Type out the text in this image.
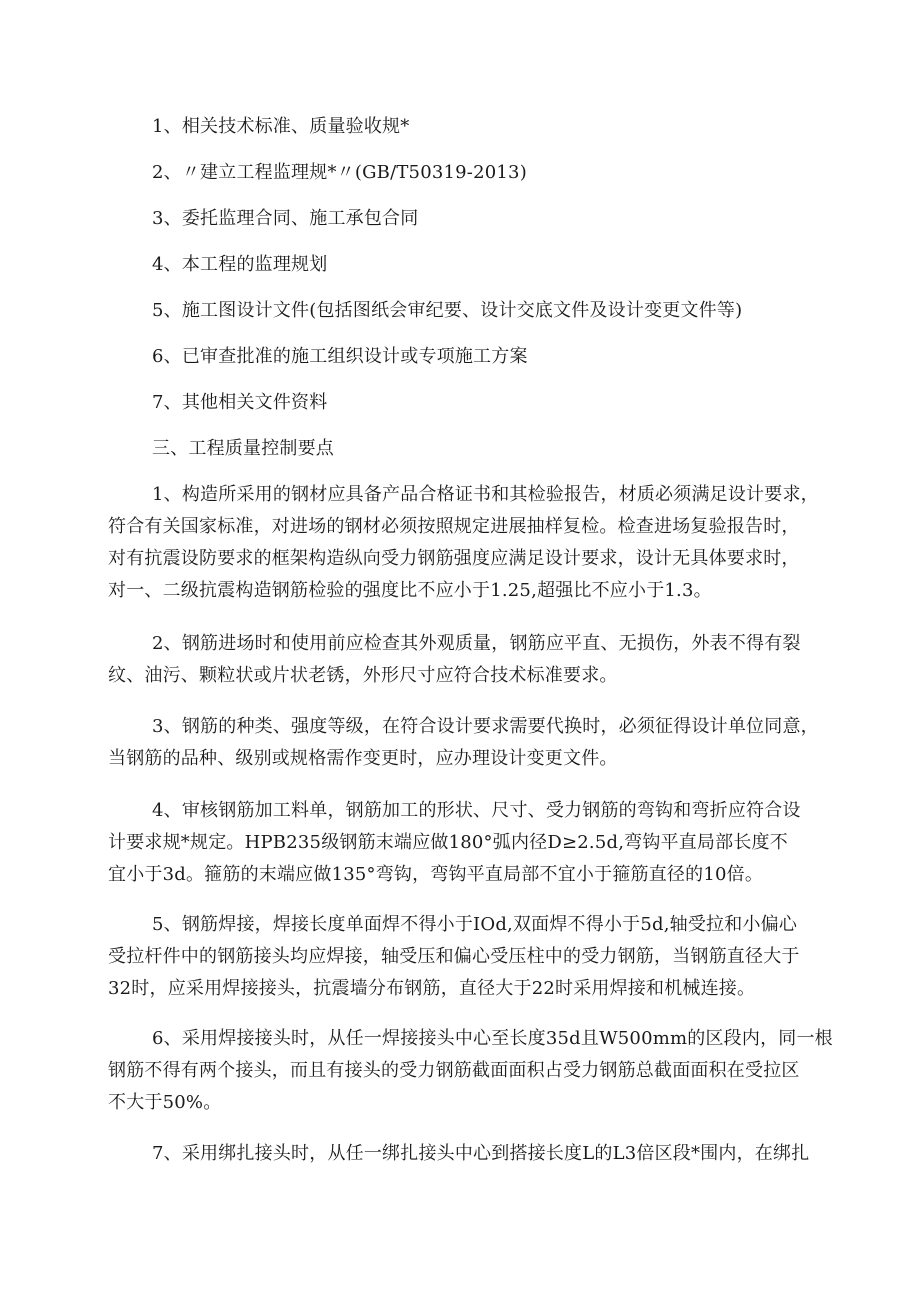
1、相关技术标准、质量验收规*
2、〃建立工程监理规*〃(GB/T50319-2013)
3、委托监理合同、施工承包合同
4、本工程的监理规划
5、施工图设计文件(包括图纸会审纪要、设计交底文件及设计变更文件等)
6、已审查批准的施工组织设计或专项施工方案
7、其他相关文件资料
三、工程质量控制要点
1、构造所采用的钢材应具备产品合格证书和其检验报告，材质必须满足设计要求，
符合有关国家标准，对进场的钢材必须按照规定进展抽样复检。检查进场复验报告时，
对有抗震设防要求的框架构造纵向受力钢筋强度应满足设计要求，设计无具体要求时，
对一、二级抗震构造钢筋检验的强度比不应小于1.25,超强比不应小于1.3。
2、钢筋进场时和使用前应检查其外观质量，钢筋应平直、无损伤，外表不得有裂
纹、油污、颗粒状或片状老锈，外形尺寸应符合技术标准要求。
3、钢筋的种类、强度等级，在符合设计要求需要代换时，必须征得设计单位同意，
当钢筋的品种、级别或规格需作变更时，应办理设计变更文件。
4、审核钢筋加工料单，钢筋加工的形状、尺寸、受力钢筋的弯钩和弯折应符合设
计要求规*规定。HPB235级钢筋末端应做180°弧内径D≥2.5d,弯钩平直局部长度不
宜小于3d。箍筋的末端应做135°弯钩，弯钩平直局部不宜小于箍筋直径的10倍。
5、钢筋焊接，焊接长度单面焊不得小于IOd,双面焊不得小于5d,轴受拉和小偏心
受拉杆件中的钢筋接头均应焊接，轴受压和偏心受压柱中的受力钢筋，当钢筋直径大于
32时，应采用焊接接头，抗震墙分布钢筋，直径大于22时采用焊接和机械连接。
6、采用焊接接头时，从任一焊接接头中心至长度35d且W500mm的区段内，同一根
钢筋不得有两个接头，而且有接头的受力钢筋截面面积占受力钢筋总截面面积在受拉区
不大于50%。
7、采用绑扎接头时，从任一绑扎接头中心到搭接长度L的L3倍区段*围内，在绑扎
